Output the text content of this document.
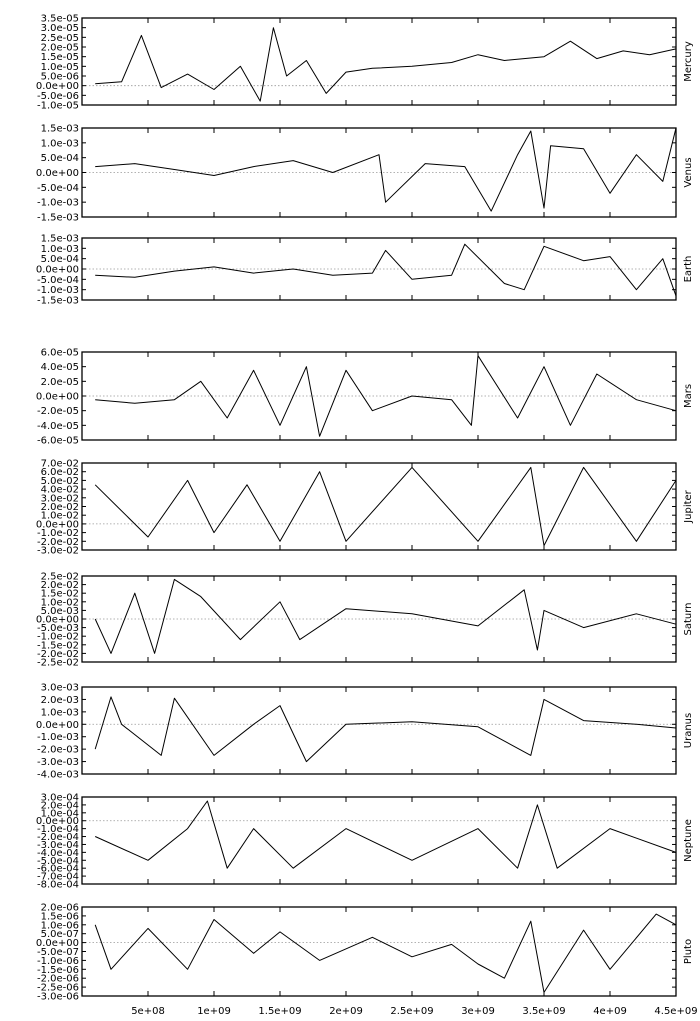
3.5e-05
3.0e-05
2.5e-05
2.0e-05
1.5e-05
1.0e-05
5.0e-06
0.0e+00
-5.0e-06
-1.0e-05
Mercury
1.5e-03
1.0e-03
5.0e-04
0.0e+00
-5.0e-04
-1.0e-03
-1.5e-03
Venus
1.5e-03
1.0e-03
5.0e-04
0.0e+00
-5.0e-04
-1.0e-03
-1.5e-03
Earth
6.0e-05
4.0e-05
2.0e-05
0.0e+00
-2.0e-05
-4.0e-05
-6.0e-05
Mars
7.0e-02
6.0e-02
5.0e-02
4.0e-02
3.0e-02
2.0e-02
1.0e-02
0.0e+00
-1.0e-02
-2.0e-02
-3.0e-02
Jupiter
2.5e-02
2.0e-02
1.5e-02
1.0e-02
5.0e-03
0.0e+00
-5.0e-03
-1.0e-02
-1.5e-02
-2.0e-02
-2.5e-02
Saturn
3.0e-03
2.0e-03
1.0e-03
0.0e+00
-1.0e-03
-2.0e-03
-3.0e-03
-4.0e-03
Uranus
3.0e-04
2.0e-04
1.0e-04
0.0e+00
-1.0e-04
-2.0e-04
-3.0e-04
-4.0e-04
-5.0e-04
-6.0e-04
-7.0e-04
-8.0e-04
Neptune
2.0e-06
1.5e-06
1.0e-06
5.0e-07
0.0e+00
-5.0e-07
-1.0e-06
-1.5e-06
-2.0e-06
-2.5e-06
-3.0e-06
Pluto
5e+08	1e+09	1.5e+09	2e+09	2.5e+09	3e+09	3.5e+09	4e+09	4.5e+09
